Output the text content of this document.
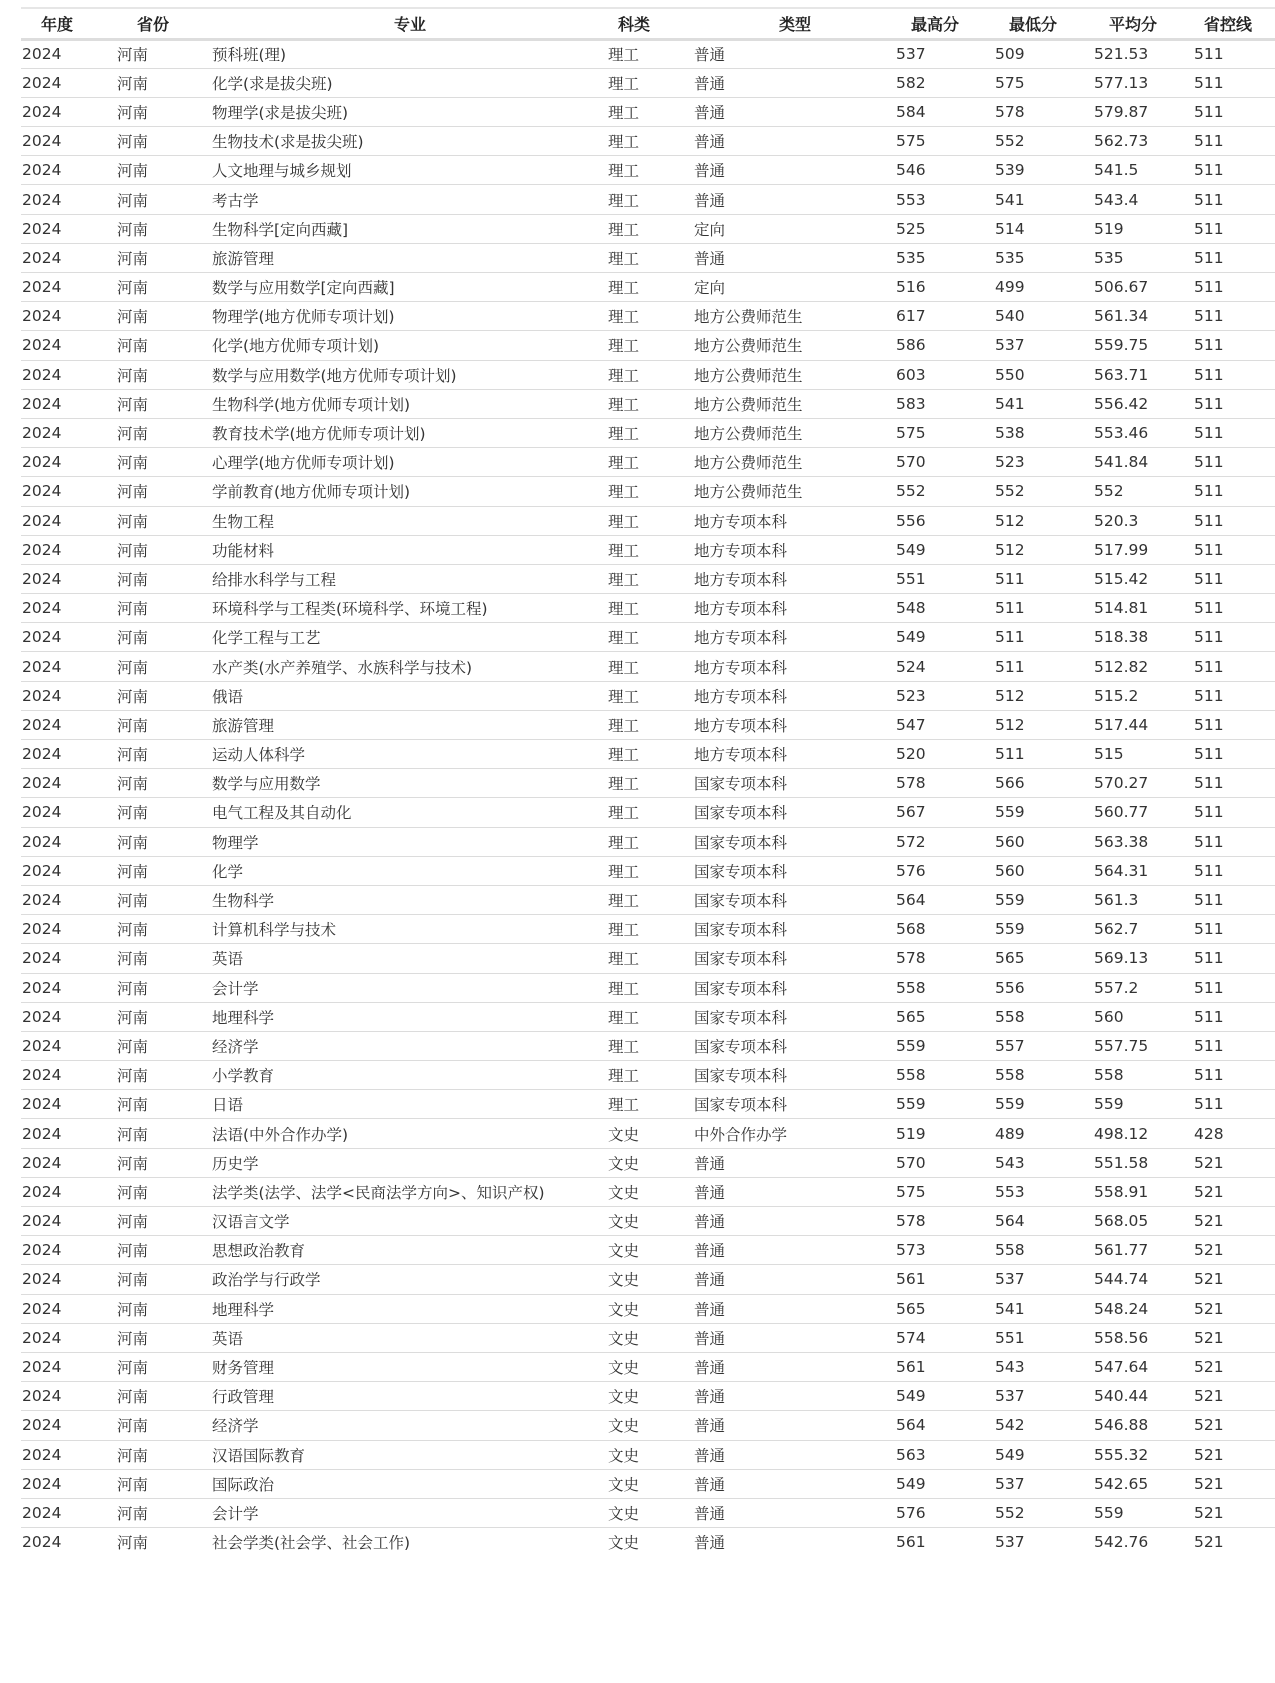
年度	省份	专业	科类	类型	最高分	最低分	平均分	省控线
2024	河南	预科班(理)	理工	普通	537	509	521.53	511
2024	河南	化学(求是拔尖班)	理工	普通	582	575	577.13	511
2024	河南	物理学(求是拔尖班)	理工	普通	584	578	579.87	511
2024	河南	生物技术(求是拔尖班)	理工	普通	575	552	562.73	511
2024	河南	人文地理与城乡规划	理工	普通	546	539	541.5	511
2024	河南	考古学	理工	普通	553	541	543.4	511
2024	河南	生物科学[定向西藏]	理工	定向	525	514	519	511
2024	河南	旅游管理	理工	普通	535	535	535	511
2024	河南	数学与应用数学[定向西藏]	理工	定向	516	499	506.67	511
2024	河南	物理学(地方优师专项计划)	理工	地方公费师范生	617	540	561.34	511
2024	河南	化学(地方优师专项计划)	理工	地方公费师范生	586	537	559.75	511
2024	河南	数学与应用数学(地方优师专项计划)	理工	地方公费师范生	603	550	563.71	511
2024	河南	生物科学(地方优师专项计划)	理工	地方公费师范生	583	541	556.42	511
2024	河南	教育技术学(地方优师专项计划)	理工	地方公费师范生	575	538	553.46	511
2024	河南	心理学(地方优师专项计划)	理工	地方公费师范生	570	523	541.84	511
2024	河南	学前教育(地方优师专项计划)	理工	地方公费师范生	552	552	552	511
2024	河南	生物工程	理工	地方专项本科	556	512	520.3	511
2024	河南	功能材料	理工	地方专项本科	549	512	517.99	511
2024	河南	给排水科学与工程	理工	地方专项本科	551	511	515.42	511
2024	河南	环境科学与工程类(环境科学、环境工程)	理工	地方专项本科	548	511	514.81	511
2024	河南	化学工程与工艺	理工	地方专项本科	549	511	518.38	511
2024	河南	水产类(水产养殖学、水族科学与技术)	理工	地方专项本科	524	511	512.82	511
2024	河南	俄语	理工	地方专项本科	523	512	515.2	511
2024	河南	旅游管理	理工	地方专项本科	547	512	517.44	511
2024	河南	运动人体科学	理工	地方专项本科	520	511	515	511
2024	河南	数学与应用数学	理工	国家专项本科	578	566	570.27	511
2024	河南	电气工程及其自动化	理工	国家专项本科	567	559	560.77	511
2024	河南	物理学	理工	国家专项本科	572	560	563.38	511
2024	河南	化学	理工	国家专项本科	576	560	564.31	511
2024	河南	生物科学	理工	国家专项本科	564	559	561.3	511
2024	河南	计算机科学与技术	理工	国家专项本科	568	559	562.7	511
2024	河南	英语	理工	国家专项本科	578	565	569.13	511
2024	河南	会计学	理工	国家专项本科	558	556	557.2	511
2024	河南	地理科学	理工	国家专项本科	565	558	560	511
2024	河南	经济学	理工	国家专项本科	559	557	557.75	511
2024	河南	小学教育	理工	国家专项本科	558	558	558	511
2024	河南	日语	理工	国家专项本科	559	559	559	511
2024	河南	法语(中外合作办学)	文史	中外合作办学	519	489	498.12	428
2024	河南	历史学	文史	普通	570	543	551.58	521
2024	河南	法学类(法学、法学<民商法学方向>、知识产权)	文史	普通	575	553	558.91	521
2024	河南	汉语言文学	文史	普通	578	564	568.05	521
2024	河南	思想政治教育	文史	普通	573	558	561.77	521
2024	河南	政治学与行政学	文史	普通	561	537	544.74	521
2024	河南	地理科学	文史	普通	565	541	548.24	521
2024	河南	英语	文史	普通	574	551	558.56	521
2024	河南	财务管理	文史	普通	561	543	547.64	521
2024	河南	行政管理	文史	普通	549	537	540.44	521
2024	河南	经济学	文史	普通	564	542	546.88	521
2024	河南	汉语国际教育	文史	普通	563	549	555.32	521
2024	河南	国际政治	文史	普通	549	537	542.65	521
2024	河南	会计学	文史	普通	576	552	559	521
2024	河南	社会学类(社会学、社会工作)	文史	普通	561	537	542.76	521
